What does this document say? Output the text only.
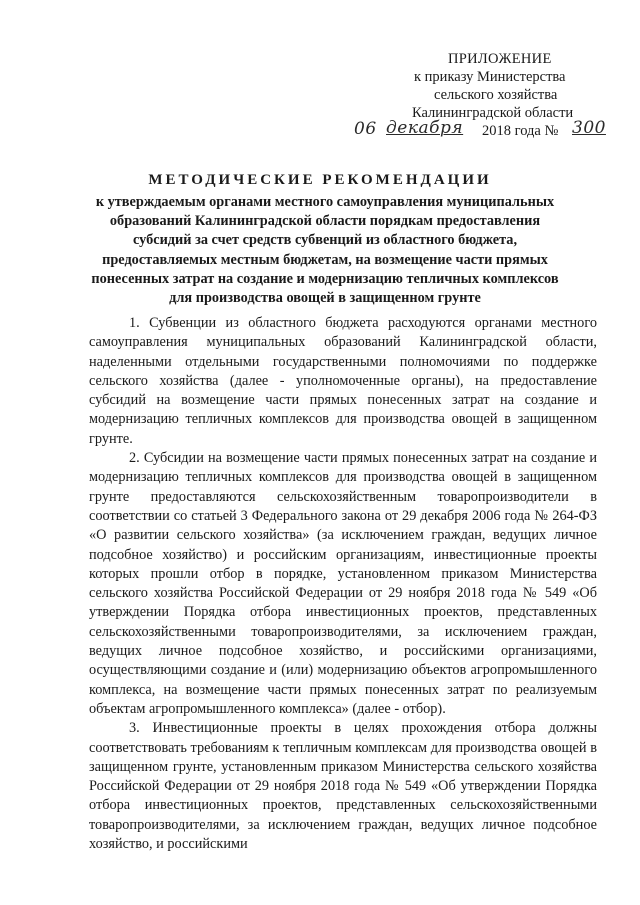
ПРИЛОЖЕНИЕ
к приказу Министерства
сельского хозяйства
Калининградской области
06 декабря 2018 года № 300
МЕТОДИЧЕСКИЕ РЕКОМЕНДАЦИИ
к утверждаемым органами местного самоуправления муниципальных
образований Калининградской области порядкам предоставления
субсидий за счет средств субвенций из областного бюджета,
предоставляемых местным бюджетам, на возмещение части прямых
понесенных затрат на создание и модернизацию тепличных комплексов
для производства овощей в защищенном грунте

1. Субвенции из областного бюджета расходуются органами местного самоуправления муниципальных образований Калининградской области, наделенными отдельными государственными полномочиями по поддержке сельского хозяйства (далее - уполномоченные органы), на предоставление субсидий на возмещение части прямых понесенных затрат на создание и модернизацию тепличных комплексов для производства овощей в защищенном грунте.

2. Субсидии на возмещение части прямых понесенных затрат на создание и модернизацию тепличных комплексов для производства овощей в защищенном грунте предоставляются сельскохозяйственным товаропроизводители в соответствии со статьей 3 Федерального закона от 29 декабря 2006 года № 264-ФЗ «О развитии сельского хозяйства» (за исключением граждан, ведущих личное подсобное хозяйство) и российским организациям, инвестиционные проекты которых прошли отбор в порядке, установленном приказом Министерства сельского хозяйства Российской Федерации от 29 ноября 2018 года № 549 «Об утверждении Порядка отбора инвестиционных проектов, представленных сельскохозяйственными товаропроизводителями, за исключением граждан, ведущих личное подсобное хозяйство, и российскими организациями, осуществляющими создание и (или) модернизацию объектов агропромышленного комплекса, на возмещение части прямых понесенных затрат по реализуемым объектам агропромышленного комплекса» (далее - отбор).

3. Инвестиционные проекты в целях прохождения отбора должны соответствовать требованиям к тепличным комплексам для производства овощей в защищенном грунте, установленным приказом Министерства сельского хозяйства Российской Федерации от 29 ноября 2018 года № 549 «Об утверждении Порядка отбора инвестиционных проектов, представленных сельскохозяйственными товаропроизводителями, за исключением граждан, ведущих личное подсобное хозяйство, и российскими
